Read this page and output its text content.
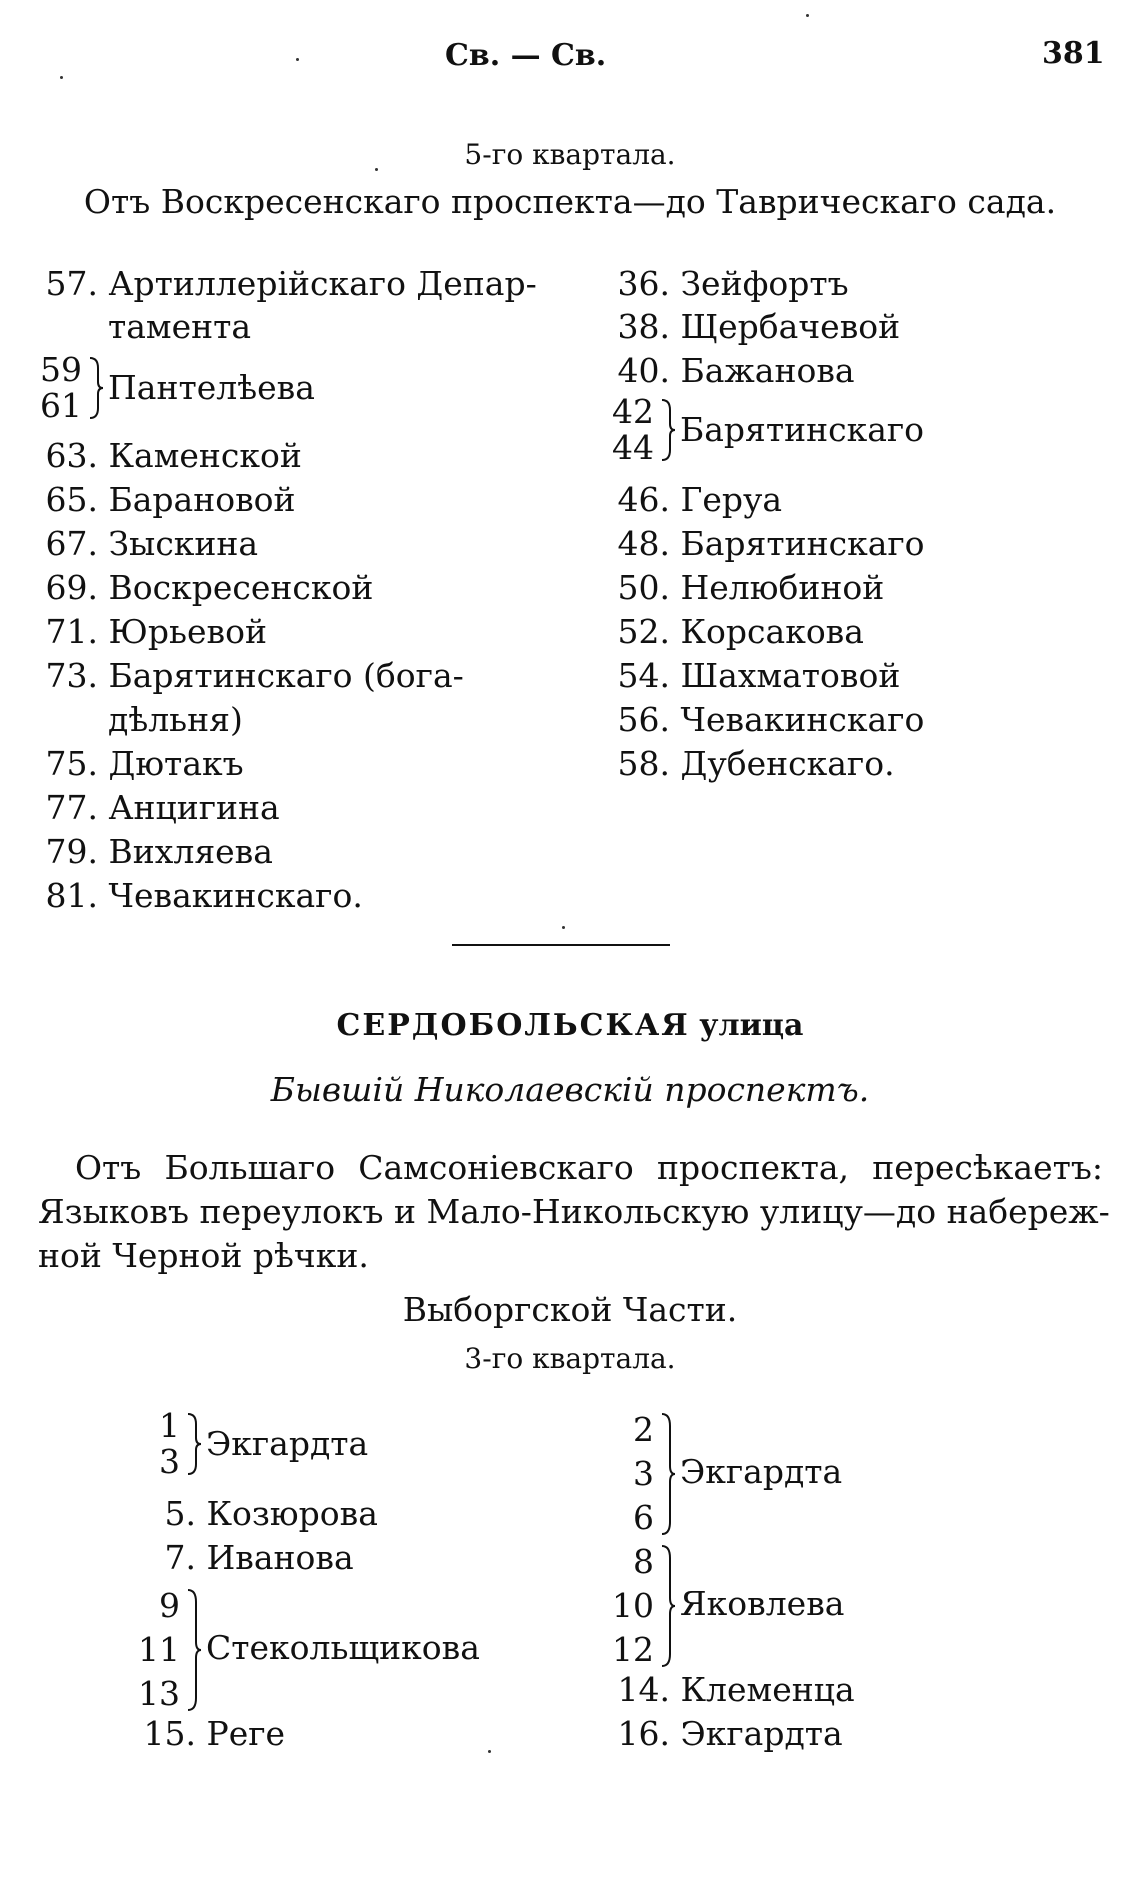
Св. — Св.	381
5-го квартала.
Отъ Воскресенскаго проспекта—до Таврическаго сада.
57. Артиллерiйскаго Депар-
тамента
59
61 Пантелѣева
63. Каменской
65. Барановой
67. Зыскина
69. Воскресенской
71. Юрьевой
73. Барятинскаго (бога-
дѣльня)
75. Дютакъ
77. Анцигина
79. Вихляева
81. Чевакинскаго.
36. Зейфортъ
38. Щербачевой
40. Бажанова
42
44 Барятинскаго
46. Геруа
48. Барятинскаго
50. Нелюбиной
52. Корсакова
54. Шахматовой
56. Чевакинскаго
58. Дубенскаго.
СЕРДОБОЛЬСКАЯ улица
Бывшiй Николаевскiй проспектъ.
Отъ Большаго Самсонiевскаго проспекта, пересѣкаетъ:
Языковъ переулокъ и Мало-Никольскую улицу—до набереж-
ной Черной рѣчки.
Выборгской Части.
3-го квартала.
1
3 Экгардта
5. Козюрова
7. Иванова
9
11
13
Стекольщикова
15. Реге
2
3
6
Экгардта
8
10
12
Яковлева
14. Клеменца
16. Экгардта
